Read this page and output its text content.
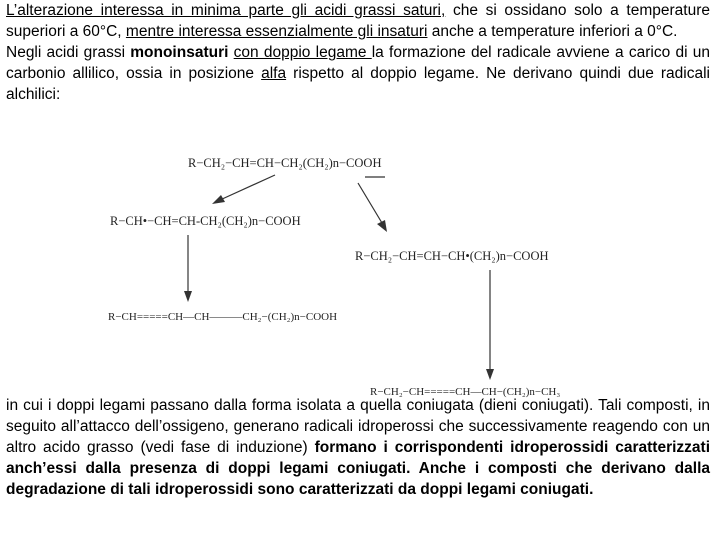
L’alterazione interessa in minima parte gli acidi grassi saturi, che si ossidano solo a temperature superiori a 60°C, mentre interessa essenzialmente gli insaturi anche a temperature inferiori a 0°C.
Negli acidi grassi monoinsaturi con doppio legame la formazione del radicale avviene a carico di un carbonio allilico, ossia in posizione alfa rispetto al doppio legame. Ne derivano quindi due radicali alchilici:
R−CH₂−CH=CH−CH₂(CH₂)n−COOH
R−CH•−CH=CH-CH₂(CH₂)n−COOH
R−CH₂−CH=CH−CH•(CH₂)n−COOH
R−CH=====CH—CH———CH₂−(CH₂)n−COOH
R−CH₂−CH=====CH—CH−(CH₂)n−CH₃
in cui i doppi legami passano dalla forma isolata a quella coniugata (dieni coniugati). Tali composti, in seguito all’attacco dell’ossigeno, generano radicali idroperossi che successivamente reagendo con un altro acido grasso (vedi fase di induzione) formano i corrispondenti idroperossidi caratterizzati anch’essi dalla presenza di doppi legami coniugati. Anche i composti che derivano dalla degradazione di tali idroperossidi sono caratterizzati da doppi legami coniugati.
